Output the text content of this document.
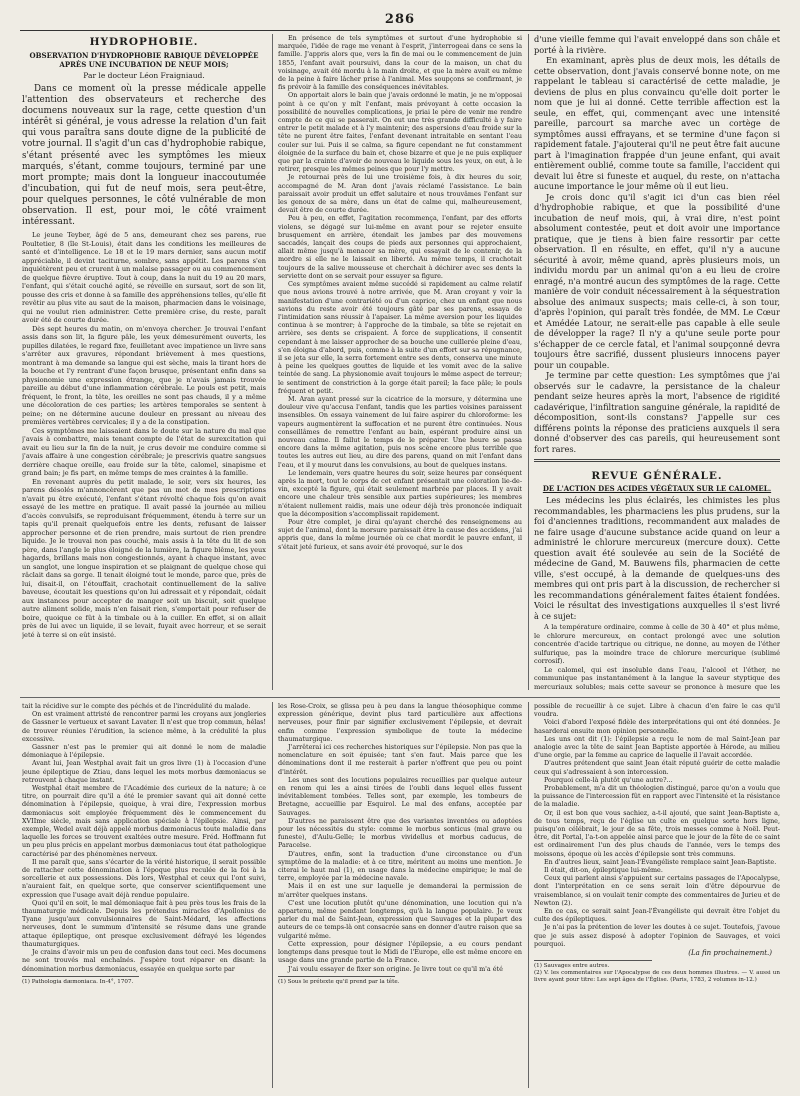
286
HYDROPHOBIE.
OBSERVATION D'HYDROPHOBIE RABIQUE DÉVELOPPÉE APRÈS UNE INCUBATION DE NEUF MOIS;
Par le docteur Léon Fraigniaud.

Dans ce moment où la presse médicale appelle l'attention des observateurs et recherche des documens nouveaux sur la rage, cette question d'un intérêt si général, je vous adresse la relation d'un fait qui vous paraîtra sans doute digne de la publicité de votre journal. Il s'agit d'un cas d'hydrophobie rabique, s'étant présenté avec les symptômes les mieux marqués, s'étant, comme toujours, terminé par une mort prompte; mais dont la longueur inaccoutumée d'incubation, qui fut de neuf mois, sera peut-être, pour quelques personnes, le côté vulnérable de mon observation. Il est, pour moi, le côté vraiment intéressant.

Le jeune Teyber, âgé de 5 ans, demeurant chez ses parens, rue Poultetier, 8 (île St-Louis), était dans les conditions les meilleures de santé et d'intelligence. Le 18 et le 19 mars dernier, sans aucun motif appréciable, il devint taciturne, sombre, sans appétit. Les parens s'en inquiétèrent peu et crurent à un malaise passager ou au commencement de quelque fièvre éruptive. Tout à coup, dans la nuit du 19 au 20 mars, l'enfant, qui s'était couché agité, se réveille en sursaut, sort de son lit, pousse des cris et donne à sa famille des appréhensions telles, qu'elle fit revêtir au plus vite au saut de la maison, pharmacien dans le voisinage, qui ne voulut rien administrer. Cette première crise, du reste, paraît avoir été de courte durée.

Dès sept heures du matin, on m'envoya chercher. Je trouvai l'enfant assis dans son lit, la figure pâle, les yeux démesurément ouverts, les pupilles dilatées, le regard fixe, feuilletant avec impatience un livre sans s'arrêter aux gravures, répondant brièvement à mes questions, montrant à ma demande sa langue qui est sèche, mais la tirant hors de la bouche et l'y rentrant d'une façon brusque, présentant enfin dans sa physionomie une expression étrange, que je n'avais jamais trouvée pareille au début d'une inflammation cérébrale. Le pouls est petit, mais fréquent, le front, la tête, les oreilles ne sont pas chauds, il y a même une décoloration de ces parties; les artères temporales se sentent à peine; on ne détermine aucune douleur en pressant au niveau des premières vertèbres cervicales; il y a de la constipation.

Ces symptômes me laissaient dans le doute sur la nature du mal que j'avais à combattre, mais tenant compte de l'état de surexcitation qui avait eu lieu sur la fin de la nuit, je crus devoir me conduire comme si j'avais affaire à une congestion cérébrale; je prescrivis quatre sangsues derrière chaque oreille, eau froide sur la tête, calomel, sinapisme et grand bain; je fis part, en même temps de mes craintes à la famille.

En revenant auprès du petit malade, le soir, vers six heures, les parens désolés m'annoncèrent que pas un mot de mes prescriptions n'avait pu être exécuté, l'enfant s'étant révolté chaque fois qu'on avait essayé de les mettre en pratique. Il avait passé la journée au milieu d'accès convulsifs, se reproduisant fréquemment, étendu à terre sur un tapis qu'il prenait quelquefois entre les dents, refusant de laisser approcher personne et de rien prendre, mais surtout de rien prendre liquide. Je le trouvai non pas couché, mais assis à la tête du lit de son père, dans l'angle le plus éloigné de la lumière, la figure blême, les yeux hagards, brillans mais non congestionnés, ayant à chaque instant, avec un sanglot, une longue inspiration et se plaignant de quelque chose qui râclait dans sa gorge. Il tenait éloigné tout le monde, parce que, près de lui, disait-il, on l'étouffait, crachotait continuellement de la salive baveuse, écoutait les questions qu'on lui adressait et y répondait, cédait aux instances pour accepter de manger soit un biscuit, soit quelque autre aliment solide, mais n'en faisait rien, s'emportait pour refuser de boire, quoique ce fût à la timbale ou à la cuiller. En effet, si on allait près de lui avec un liquide, il se levait, fuyait avec horreur, et se serait jeté à terre si on eût insisté.

En présence de tels symptômes et surtout d'une hydrophobie si marquée, l'idée de rage me venant à l'esprit, j'interrogeai dans ce sens la famille. J'appris alors que, vers la fin de mai ou le commencement de juin 1855, l'enfant avait poursuivi, dans la cour de la maison, un chat du voisinage, avait été mordu à la main droite, et que la mère avait eu même de la peine à faire lâcher prise à l'animal. Mes soupçons se confirmant, je fis prévoir à la famille des conséquences inévitables.

On apportait alors le bain que j'avais ordonné le matin, je ne m'opposai point à ce qu'on y mît l'enfant, mais prévoyant à cette occasion la possibilité de nouvelles complications, je priai le père de venir me rendre compte de ce qui se passerait. On eut une très grande difficulté à y faire entrer le petit malade et à l'y maintenir; des aspersions d'eau froide sur la tête ne purent être faites, l'enfant devenant intraitable en sentant l'eau couler sur lui. Puis il se calma, sa figure cependant ne fut constamment éloignée de la surface du bain et, chose bizarre et que je ne puis expliquer que par la crainte d'avoir de nouveau le liquide sous les yeux, on eut, à le retirer, presque les mêmes peines que pour l'y mettre.

Je retournai près de lui une troisième fois, à dix heures du soir, accompagné de M. Aran dont j'avais réclamé l'assistance. Le bain paraissait avoir produit un effet salutaire et nous trouvâmes l'enfant sur les genoux de sa mère, dans un état de calme qui, malheureusement, devait être de courte durée.

Peu à peu, en effet, l'agitation recommença, l'enfant, par des efforts violens, se dégagé sur lui-même en avant pour se rejeter ensuite brusquement en arrière, étendait les jambes par des mouvemens saccadés, lançait des coups de pieds aux personnes qui approchaient, allait même jusqu'à menacer sa mère, qui essayait de le contenir, de la mordre si elle ne le laissait en liberté. Au même temps, il crachotait toujours de la salive mousseuse et cherchait à déchirer avec ses dents la serviette dont on se servait pour essuyer sa figure.

Ces symptômes avaient même succédé si rapidement au calme relatif que nous avions trouvé à notre arrivée, que M. Aran croyant y voir la manifestation d'une contrariété ou d'un caprice, chez un enfant que nous savions du reste avoir été toujours gâté par ses parens, essaya de l'intimidation sans réussir à l'apaiser. La même aversion pour les liquides continua à se montrer; à l'approche de la timbale, sa tête se rejetait en arrière, ses dents se crispaient. À force de supplications, il consentit cependant à me laisser approcher de sa bouche une cuillerée pleine d'eau, s'en éloigna d'abord, puis, comme à la suite d'un effort sur sa répugnance, il se jeta sur elle, la serra fortement entre ses dents, conserva une minute à peine les quelques gouttes de liquide et les vomit avec de la salive teintée de sang. La physionomie avait toujours le même aspect de terreur; le sentiment de constriction à la gorge était pareil; la face pâle; le pouls fréquent et petit.

M. Aran ayant pressé sur la cicatrice de la morsure, y détermina une douleur vive qu'accusa l'enfant, tandis que les parties voisines paraissent insensibles. On essaya vainement de lui faire aspirer du chloroforme: les vapeurs augmentèrent la suffocation et ne purent être continuées. Nous conseillâmes de remettre l'enfant au bain, espérant produire ainsi un nouveau calme. Il fallut le temps de le préparer. Une heure se passa encore dans la même agitation, puis nos scène encore plus terrible que toutes les autres eut lieu, au dire des parens, quand on mit l'enfant dans l'eau, et il y mourut dans les convulsions, au bout de quelques instans.

Le lendemain, vers quatre heures du soir, seize heures par conséquent après la mort, tout le corps de cet enfant présentait une coloration lie-de-vin, excepté la figure, qui était seulement marbrée par places. Il y avait encore une chaleur très sensible aux parties supérieures; les membres n'étaient nullement raidis, mais une odeur déjà très prononcée indiquait que la décomposition s'accomplissait rapidement.

Pour être complet, je dirai qu'ayant cherché des renseignemens au sujet de l'animal, dont la morsure paraissait être la cause des accidens, j'ai appris que, dans la même journée où ce chat mordit le pauvre enfant, il s'était jeté furieux, et sans avoir été provoqué, sur le dos

d'une vieille femme qui l'avait enveloppé dans son châle et porté à la rivière.

En examinant, après plus de deux mois, les détails de cette observation, dont j'avais conservé bonne note, on me rappelant le tableau si caractérisé de cette maladie, je deviens de plus en plus convaincu qu'elle doit porter le nom que je lui ai donné. Cette terrible affection est la seule, en effet, qui, commençant avec une intensité pareille, parcourt sa marche avec un cortège de symptômes aussi effrayans, et se termine d'une façon si rapidement fatale. J'ajouterai qu'il ne peut être fait aucune part à l'imagination frappée d'un jeune enfant, qui avait entièrement oublié, comme toute sa famille, l'accident qui devait lui être si funeste et auquel, du reste, on n'attacha aucune importance le jour même où il eut lieu.

Je crois donc qu'il s'agit ici d'un cas bien réel d'hydrophobie rabique, et que la possibilité d'une incubation de neuf mois, qui, à vrai dire, n'est point absolument contestée, peut et doit avoir une importance pratique, que je tiens à bien faire ressortir par cette observation. Il en résulte, en effet, qu'il n'y a aucune sécurité à avoir, même quand, après plusieurs mois, un individu mordu par un animal qu'on a eu lieu de croire enragé, n'a montré aucun des symptômes de la rage. Cette manière de voir conduit nécessairement à la séquestration absolue des animaux suspects; mais celle-ci, à son tour, d'après l'opinion, qui paraît très fondée, de MM. Le Cœur et Amédée Latour, ne serait-elle pas capable à elle seule de développer la rage? Il n'y a qu'une seule porte pour s'échapper de ce cercle fatal, et l'animal soupçonné devra toujours être sacrifié, dussent plusieurs innocens payer pour un coupable.

Je termine par cette question: Les symptômes que j'ai observés sur le cadavre, la persistance de la chaleur pendant seize heures après la mort, l'absence de rigidité cadavérique, l'infiltration sanguine générale, la rapidité de décomposition, sont-ils constans? J'appelle sur ces différens points la réponse des praticiens auxquels il sera donné d'observer des cas pareils, qui heureusement sont fort rares.

REVUE GÉNÉRALE.
DE L'ACTION DES ACIDES VÉGÉTAUX SUR LE CALOMEL.

Les médecins les plus éclairés, les chimistes les plus recommandables, les pharmaciens les plus prudens, sur la foi d'anciennes traditions, recommandent aux malades de ne faire usage d'aucune substance acide quand on leur a administré le chlorure mercureux (mercure doux). Cette question avait été soulevée au sein de la Société de médecine de Gand, M. Bauwens fils, pharmacien de cette ville, s'est occupé, à la demande de quelques-uns des membres qui ont pris part à la discussion, de rechercher si les recommandations généralement faites étaient fondées. Voici le résultat des investigations auxquelles il s'est livré à ce sujet:

A la température ordinaire, comme à celle de 30 à 40° et plus même, le chlorure mercureux, en contact prolongé avec une solution concentrée d'acide tartrique ou citrique, ne donne, au moyen de l'éther sulfurique, pas la moindre trace de chlorure mercurique (sublimé corrosif).

Le calomel, qui est insoluble dans l'eau, l'alcool et l'éther, ne communique pas instantanément à la langue la saveur styptique des mercuriaux solubles; mais cette saveur se prononce à mesure que les

tait la récidive sur le compte des péchés et de l'incrédulité du malade.

On est vraiment attristé de rencontrer parmi les croyans aux jongleries de Gassner le vertueux et savant Lavater. Il n'est que trop commun, hélas! de trouver réunies l'érudition, la science même, à la crédulité la plus excessive.

Gassner n'est pas le premier qui ait donné le nom de maladie démoniaque à l'épilepsie.

Avant lui, Jean Westphal avait fait un gros livre (1) à l'occasion d'une jeune épileptique de Ztiau, dans lequel les mots morbus dæmoniacus se retrouvent à chaque instant.

Westphal était membre de l'Académie des curieux de la nature; à ce titre, on pourrait dire qu'il a été le premier savant qui ait donné cette dénomination à l'épilepsie, quoique, à vrai dire, l'expression morbus dæmoniacus soit employée fréquemment dès le commencement du XVIIme siècle, mais sans application spéciale à l'épilepsie. Ainsi, par exemple, Wedel avait déjà appelé morbus dæmoniacus toute maladie dans laquelle les forces se trouvent exaltées outre mesure. Fréd. Hoffmann fut un peu plus précis en appelant morbus dæmoniacus tout état pathologique caractérisé par des phénomènes nerveux.

Il me paraît que, sans s'écarter de la vérité historique, il serait possible de rattacher cette dénomination à l'époque plus reculée de la foi à la sorcellerie et aux possessions. Dès lors, Westphal et ceux qui l'ont suivi, n'auraient fait, en quelque sorte, que conserver scientifiquement une expression que l'usage avait déjà rendue populaire.

Quoi qu'il en soit, le mal démoniaque fait à peu près tous les frais de la thaumaturgie médicale. Depuis les prétendus miracles d'Apollonius de Tyane jusqu'aux convulsionnaires de Saint-Médard, les affections nerveuses, dont le summum d'intensité se résume dans une grande attaque épileptique, ont presque exclusivement défrayé les légendes thaumaturgiques.

Je crains d'avoir mis un peu de confusion dans tout ceci. Mes documens ne sont trouvés mal enchaînés. J'espère tout réparer en disant: la dénomination morbus dæmoniacus, essayée en quelque sorte par

(1) Pathologia dæmoniaca. In-4°, 1707.

les Rose-Croix, se glissa peu à peu dans la langue théosophique comme expression générique, devint plus tard particulière aux affections nerveuses, pour finir par signifier exclusivement l'épilepsie, et devrait enfin comme l'expression symbolique de toute la médecine thaumaturgique.

J'arrêterai ici ces recherches historiques sur l'épilepsie. Non pas que la nomenclature en soit épuisée; tant s'en faut. Mais parce que les dénominations dont il me resterait à parler n'offrent que peu ou point d'intérêt.

Les unes sont des locutions populaires recueillies par quelque auteur en renom qui les a ainsi tirées de l'oubli dans lequel elles fussent inévitablement tombées. Telles sont, par exemple, les tombeurs de Bretagne, accueillie par Esquirol. Le mal des enfans, acceptée par Sauvages.

D'autres ne paraissent être que des variantes inventées ou adoptées pour les nécessités du style: comme le morbus sonticus (mal grave ou funeste), d'Aulu-Gelle; le morbus vividellus et morbus caducus, de Paracelse.

D'autres, enfin, sont la traduction d'une circonstance ou d'un symptôme de la maladie: et à ce titre, méritent au moins une mention. Je citerai le haut mal (1), en usage dans la médecine empirique; le mal de terre, employée par la médecine navale.

Mais il en est une sur laquelle je demanderai la permission de m'arrêter quelques instans.

C'est une locution plutôt qu'une dénomination, une locution qui n'a appartenu, même pendant longtemps, qu'à la langue populaire. Je veux parler du mal de Saint-Jean, expression que Sauvages et la plupart des auteurs de ce temps-là ont consacrée sans en donner d'autre raison que sa vulgarité même.

Cette expression, pour désigner l'épilepsie, a eu cours pendant longtemps dans presque tout le Midi de l'Europe, elle est même encore en usage dans une grande partie de la France.

J'ai voulu essayer de fixer son origine. Je livre tout ce qu'il m'a été

(1) Sous le prétexte qu'il prend par la tête.

possible de recueillir à ce sujet. Libre à chacun d'en faire le cas qu'il voudra.

Voici d'abord l'exposé fidèle des interprétations qui ont été données. Je hasarderai ensuite mon opinion personnelle.

Les uns ont dit (1): l'épilepsie a reçu le nom de mal Saint-Jean par analogie avec la tête de saint Jean Baptiste apportée à Hérode, au milieu d'une orgie, par la femme au caprice de laquelle il l'avait accordée.

D'autres prétendent que saint Jean était réputé guérir de cette maladie ceux qui s'adressaient à son intercession.

Pourquoi celle-là plutôt qu'une autre?...

Probablement, m'a dit un théologien distingué, parce qu'on a voulu que la puissance de l'intercession fût en rapport avec l'intensité et la résistance de la maladie.

Or, il est bon que vous sachiez, a-t-il ajouté, que saint Jean-Baptiste a, de tous temps, reçu de l'église un culte en quelque sorte hors ligne, puisqu'on célébrait, le jour de sa fête, trois messes comme à Noël. Peut-être, dit Portal, l'a-t-on appelée ainsi parce que le jour de la fête de ce saint est ordinairement l'un des plus chauds de l'année, vers le temps des moissons, époque où les accès d'épilepsie sont très communs.

En d'autres lieux, saint Jean-l'Évangéliste remplace saint Jean-Baptiste.

Il était, dit-on, épileptique lui-même.

Ceux qui parlent ainsi s'appuient sur certains passages de l'Apocalypse, dont l'interprétation en ce sens serait loin d'être dépourvue de vraisemblance, si on voulait tenir compte des commentaires de Jurieu et de Newton (2).

En ce cas, ce serait saint Jean-l'Évangéliste qui devrait être l'objet du culte des épileptiques.

Je n'ai pas la prétention de lever les doutes à ce sujet. Toutefois, j'avoue que je suis assez disposé à adopter l'opinion de Sauvages, et voici pourquoi.

(La fin prochainement.)

(1) Sauvages entre autres.

(2) V. les commentaires sur l'Apocalypse de ces deux hommes illustres. — V. aussi un livre ayant pour titre: Les sept âges de l'Église. (Paris, 1783, 2 volumes in-12.)
